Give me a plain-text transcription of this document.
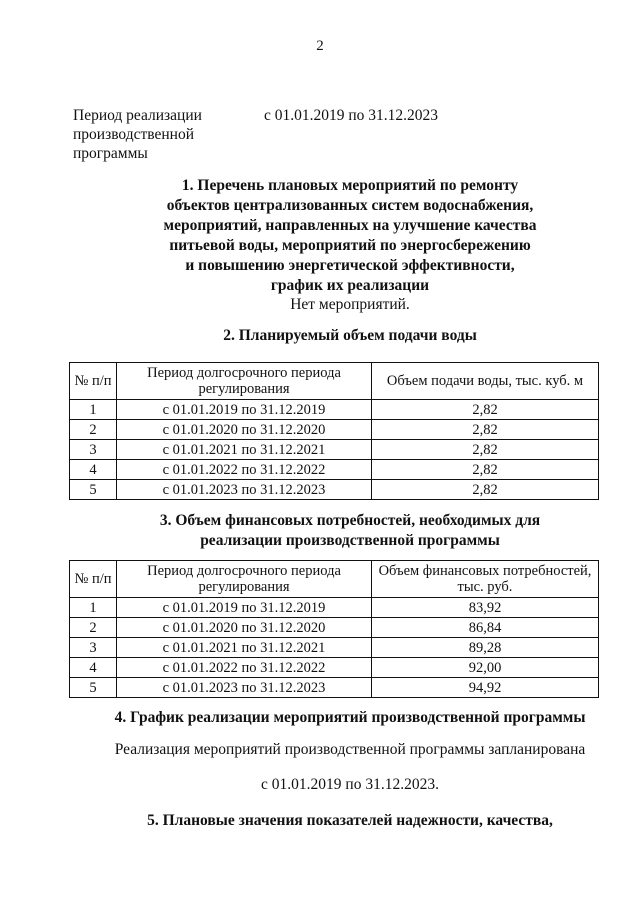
2
Период реализации производственной программы
с 01.01.2019 по 31.12.2023
1. Перечень плановых мероприятий по ремонту
объектов централизованных систем водоснабжения,
мероприятий, направленных на улучшение качества
питьевой воды, мероприятий по энергосбережению
и повышению энергетической эффективности,
график их реализации
Нет мероприятий.
2. Планируемый объем подачи воды
№ п/п	Период долгосрочного периода регулирования	Объем подачи воды, тыс. куб. м
1	с 01.01.2019 по 31.12.2019	2,82
2	с 01.01.2020 по 31.12.2020	2,82
3	с 01.01.2021 по 31.12.2021	2,82
4	с 01.01.2022 по 31.12.2022	2,82
5	с 01.01.2023 по 31.12.2023	2,82
3. Объем финансовых потребностей, необходимых для
реализации производственной программы
№ п/п	Период долгосрочного периода регулирования	Объем финансовых потребностей, тыс. руб.
1	с 01.01.2019 по 31.12.2019	83,92
2	с 01.01.2020 по 31.12.2020	86,84
3	с 01.01.2021 по 31.12.2021	89,28
4	с 01.01.2022 по 31.12.2022	92,00
5	с 01.01.2023 по 31.12.2023	94,92
4. График реализации мероприятий производственной программы
Реализация мероприятий производственной программы запланирована
с 01.01.2019 по 31.12.2023.
5. Плановые значения показателей надежности, качества,
